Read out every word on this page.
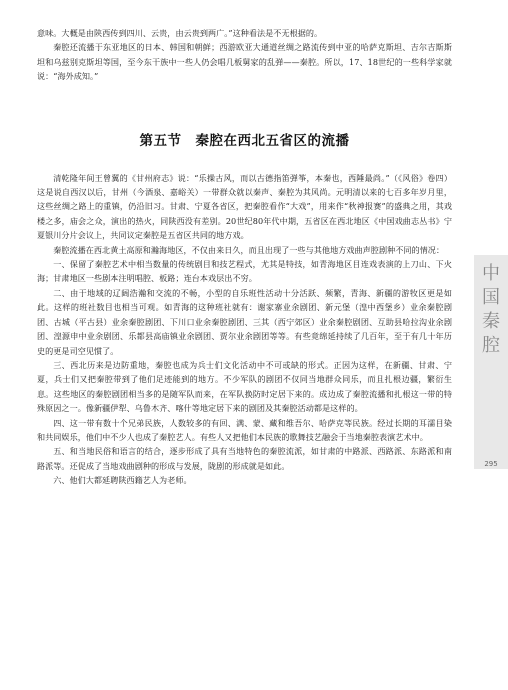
意味。大概是由陕西传到四川、云贵，由云贵到两广。”这种看法是不无根据的。

秦腔还流播于东亚地区的日本、韩国和朝鲜；西游欧亚大通道丝绸之路流传到中亚的哈萨克斯坦、吉尔吉斯斯坦和乌兹别克斯坦等国，至今东干族中一些人仍会唱几板舅家的乱弹——秦腔。所以，17、18世纪的一些科学家就说：“海外成知。”

第五节 秦腔在西北五省区的流播

清乾隆年间王曾翼的《甘州府志》说：“乐操古风，而以古德指笛弹筝，本秦也，西陲最尚。”（《风俗》卷四）这是说自西汉以后，甘州（今酒泉、嘉峪关）一带群众就以秦声、秦腔为其风尚。元明清以来的七百多年岁月里，这些丝绸之路上的重镇，仍沿旧习。甘肃、宁夏各省区，把秦腔看作“大戏”，用来作“秋神报赛”的盛典之用，其戏楼之多，庙会之众，演出的热火，同陕西没有差别。20世纪80年代中期，五省区在西北地区《中国戏曲志丛书》宁夏银川分片会议上，共同议定秦腔是五省区共同的地方戏。

秦腔流播在西北黄土高原和瀚海地区，不仅由来日久，而且出现了一些与其他地方戏曲声腔剧种不同的情况：

一、保留了秦腔艺术中相当数量的传统剧目和技艺程式，尤其是特技，如青海地区目连戏表演的上刀山、下火海；甘肃地区一些剧本注明唱腔、板路；连台本戏层出不穷。

二、由于地域的辽阔浩瀚和交流的不畅，小型的自乐班性活动十分活跃、频繁，青海、新疆的游牧区更是如此。这样的班社数目也相当可观。如青海的这种班社就有：谢家寨业余剧团、新元堡（湟中西堡乡）业余秦腔剧团、古城（平古县）业余秦腔剧团、下川口业余秦腔剧团、三其（西宁郊区）业余秦腔剧团、互助县哈拉沟业余剧团、湟源申中业余剧团、乐都县高庙镇业余剧团、贾尔业余剧团等等。有些竟绵延持续了几百年，至于有几十年历史的更是司空见惯了。

三、西北历来是边防重地，秦腔也成为兵士们文化活动中不可或缺的形式。正因为这样，在新疆、甘肃、宁夏，兵士们又把秦腔带到了他们足迹能到的地方。不少军队的剧团不仅同当地群众同乐，而且扎根边疆，繁衍生息。这些地区的秦腔剧团相当多的是随军队而来，在军队换防时定居下来的。成边成了秦腔流播和扎根这一带的特殊原因之一。像新疆伊犁、乌鲁木齐、喀什等地定居下来的剧团及其秦腔活动都是这样的。

四、这一带有数十个兄弟民族，人数较多的有回、满、蒙、藏和维吾尔、哈萨克等民族。经过长期的耳濡目染和共同娱乐，他们中不少人也成了秦腔艺人。有些人又把他们本民族的歌舞技艺融会于当地秦腔表演艺术中。

五、和当地民俗和语言的结合，逐步形成了具有当地特色的秦腔流派，如甘肃的中路派、西路派、东路派和南路派等。还促成了当地戏曲剧种的形成与发展，陇剧的形成就是如此。

六、他们大都延聘陕西籍艺人为老师。

中
国
秦
腔
295
